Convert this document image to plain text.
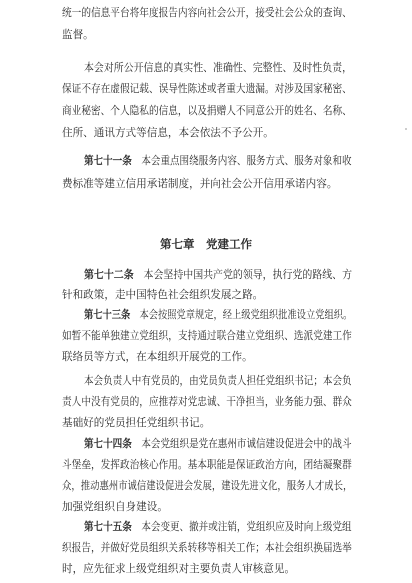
第七章　党建工作

统一的信息平台将年度报告内容向社会公开，接受社会公众的查询、

监督。

本会对所公开信息的真实性、准确性、完整性、及时性负责，

保证不存在虚假记载、误导性陈述或者重大遗漏。对涉及国家秘密、

商业秘密、个人隐私的信息，以及捐赠人不同意公开的姓名、名称、

住所、通讯方式等信息，本会依法不予公开。

第七十一条　 本会重点围绕服务内容、服务方式、服务对象和收

费标准等建立信用承诺制度，并向社会公开信用承诺内容。

第七十二条　 本会坚持中国共产党的领导，执行党的路线、方

针和政策，走中国特色社会组织发展之路。

第七十三条　 本会按照党章规定，经上级党组织批准设立党组织。

如暂不能单独建立党组织，支持通过联合建立党组织、选派党建工作

联络员等方式，在本组织开展党的工作。

本会负责人中有党员的，由党员负责人担任党组织书记；本会负

责人中没有党员的，应推荐对党忠诚、干净担当，业务能力强、群众

基础好的党员担任党组织书记。

第七十四条　 本会党组织是党在惠州市诚信建设促进会中的战斗

斗堡垒，发挥政治核心作用。基本职能是保证政治方向，团结凝聚群

众，推动惠州市诚信建设促进会发展，建设先进文化，服务人才成长，

加强党组织自身建设。

第七十五条　 本会变更、撤并或注销，党组织应及时向上级党组

织报告，并做好党员组织关系转移等相关工作；本社会组织换届选举

时，应先征求上级党组织对主要负责人审核意见。
